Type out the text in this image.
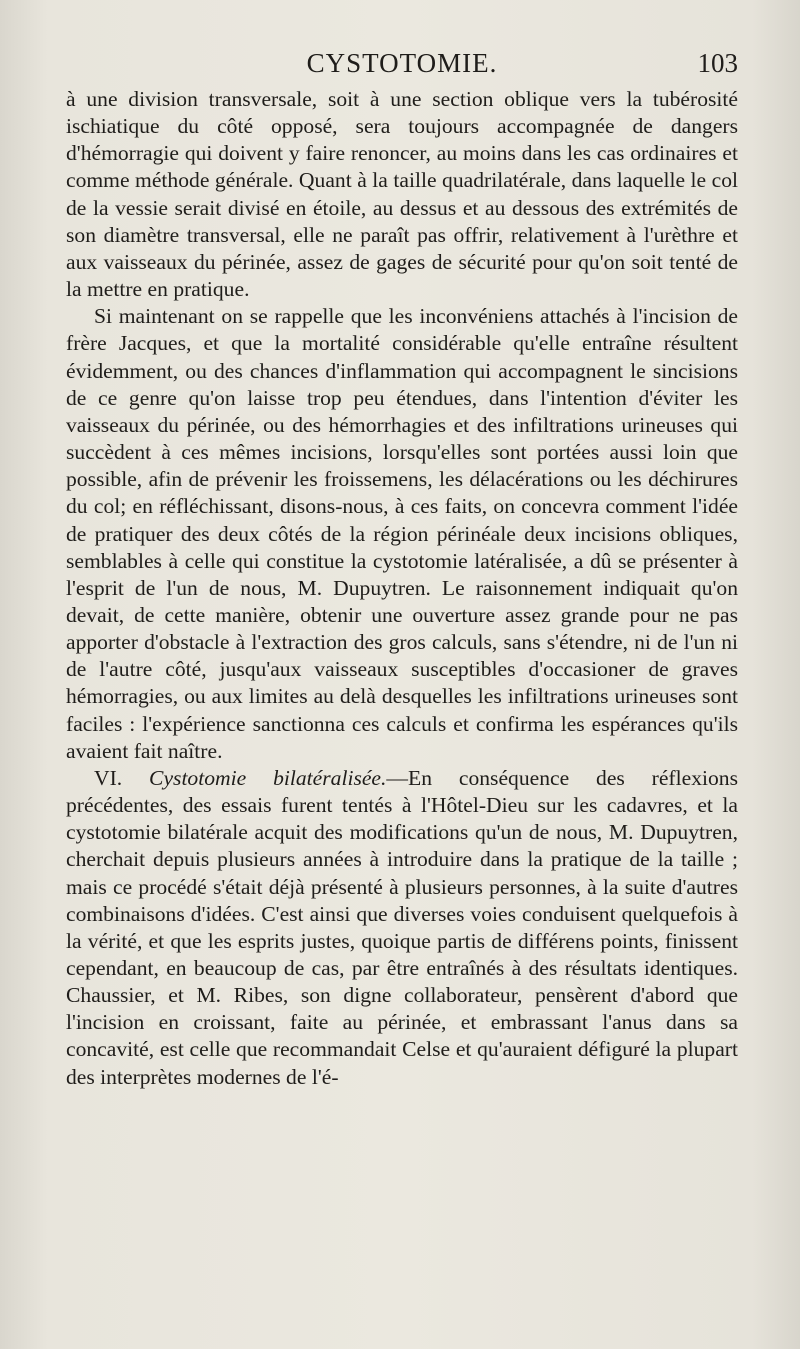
CYSTOTOMIE.	103

à une division transversale, soit à une section oblique vers la tubérosité ischiatique du côté opposé, sera toujours accompagnée de dangers d'hémorragie qui doivent y faire renoncer, au moins dans les cas ordinaires et comme méthode générale. Quant à la taille quadrilatérale, dans laquelle le col de la vessie serait divisé en étoile, au dessus et au dessous des extrémités de son diamètre transversal, elle ne paraît pas offrir, relativement à l'urèthre et aux vaisseaux du périnée, assez de gages de sécurité pour qu'on soit tenté de la mettre en pratique.

Si maintenant on se rappelle que les inconvéniens attachés à l'incision de frère Jacques, et que la mortalité considérable qu'elle entraîne résultent évidemment, ou des chances d'inflammation qui accompagnent le sincisions de ce genre qu'on laisse trop peu étendues, dans l'intention d'éviter les vaisseaux du périnée, ou des hémorrhagies et des infiltrations urineuses qui succèdent à ces mêmes incisions, lorsqu'elles sont portées aussi loin que possible, afin de prévenir les froissemens, les délacérations ou les déchirures du col; en réfléchissant, disons-nous, à ces faits, on concevra comment l'idée de pratiquer des deux côtés de la région périnéale deux incisions obliques, semblables à celle qui constitue la cystotomie latéralisée, a dû se présenter à l'esprit de l'un de nous, M. Dupuytren. Le raisonnement indiquait qu'on devait, de cette manière, obtenir une ouverture assez grande pour ne pas apporter d'obstacle à l'extraction des gros calculs, sans s'étendre, ni de l'un ni de l'autre côté, jusqu'aux vaisseaux susceptibles d'occasioner de graves hémorragies, ou aux limites au delà desquelles les infiltrations urineuses sont faciles : l'expérience sanctionna ces calculs et confirma les espérances qu'ils avaient fait naître.

VI. Cystotomie bilatéralisée.—En conséquence des réflexions précédentes, des essais furent tentés à l'Hôtel-Dieu sur les cadavres, et la cystotomie bilatérale acquit des modifications qu'un de nous, M. Dupuytren, cherchait depuis plusieurs années à introduire dans la pratique de la taille ; mais ce procédé s'était déjà présenté à plusieurs personnes, à la suite d'autres combinaisons d'idées. C'est ainsi que diverses voies conduisent quelquefois à la vérité, et que les esprits justes, quoique partis de différens points, finissent cependant, en beaucoup de cas, par être entraînés à des résultats identiques. Chaussier, et M. Ribes, son digne collaborateur, pensèrent d'abord que l'incision en croissant, faite au périnée, et embrassant l'anus dans sa concavité, est celle que recommandait Celse et qu'auraient défiguré la plupart des interprètes modernes de l'é-
